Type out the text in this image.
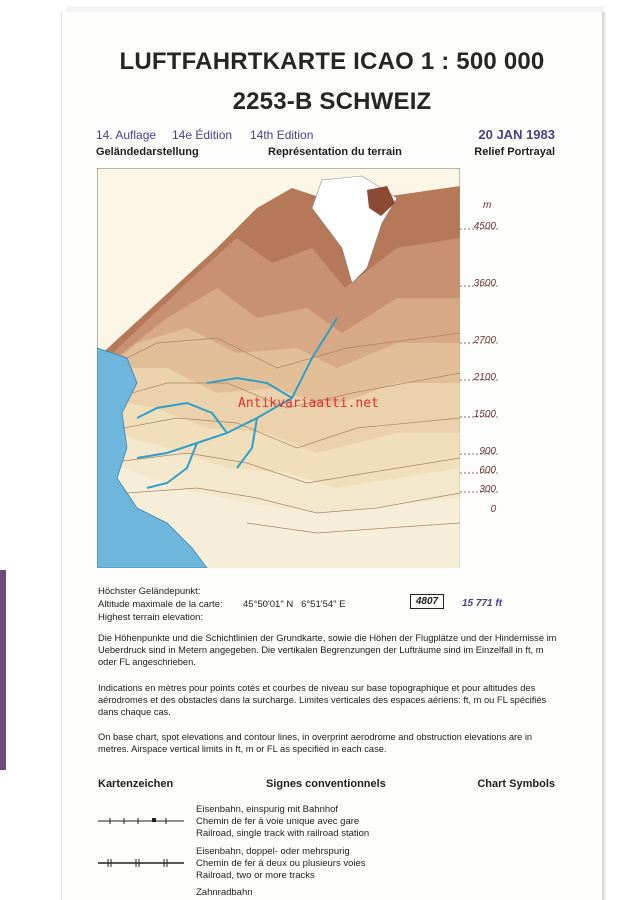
LUFTFAHRTKARTE ICAO 1 : 500 000
2253-B SCHWEIZ
14. Auflage 14e Édition 14th Edition	20 JAN 1983
Geländedarstellung	Représentation du terrain	Relief Portrayal
m
4500
3600
2700
2100
1500
900
600
300
0
Antikvariaatti.net
Höchster Geländepunkt:
Altitude maximale de la carte:
Highest terrain elevation:
45°50'01" N   6°51'54" E	4807	15 771 ft
Die Höhenpunkte und die Schichtlinien der Grundkarte, sowie die Höhen der Flugplätze und der Hindernisse im Ueberdruck sind in Metern angegeben. Die vertikalen Begrenzungen der Lufträume sind im Einzelfall in ft, m oder FL angeschrieben.
Indications en mètres pour points cotés et courbes de niveau sur base topographique et pour altitudes des aérodromes et des obstacles dans la surcharge. Limites verticales des espaces aériens: ft, m ou FL spécifiés dans chaque cas.
On base chart, spot elevations and contour lines, in overprint aerodrome and obstruction elevations are in metres. Airspace vertical limits in ft, m or FL as specified in each case.
Kartenzeichen	Signes conventionnels	Chart Symbols
Eisenbahn, einspurig mit Bahnhof
Chemin de fer à voie unique avec gare
Railroad, single track with railroad station
Eisenbahn, doppel- oder mehrspurig
Chemin de fer à deux ou plusieurs voies
Railroad, two or more tracks
Zahnradbahn
